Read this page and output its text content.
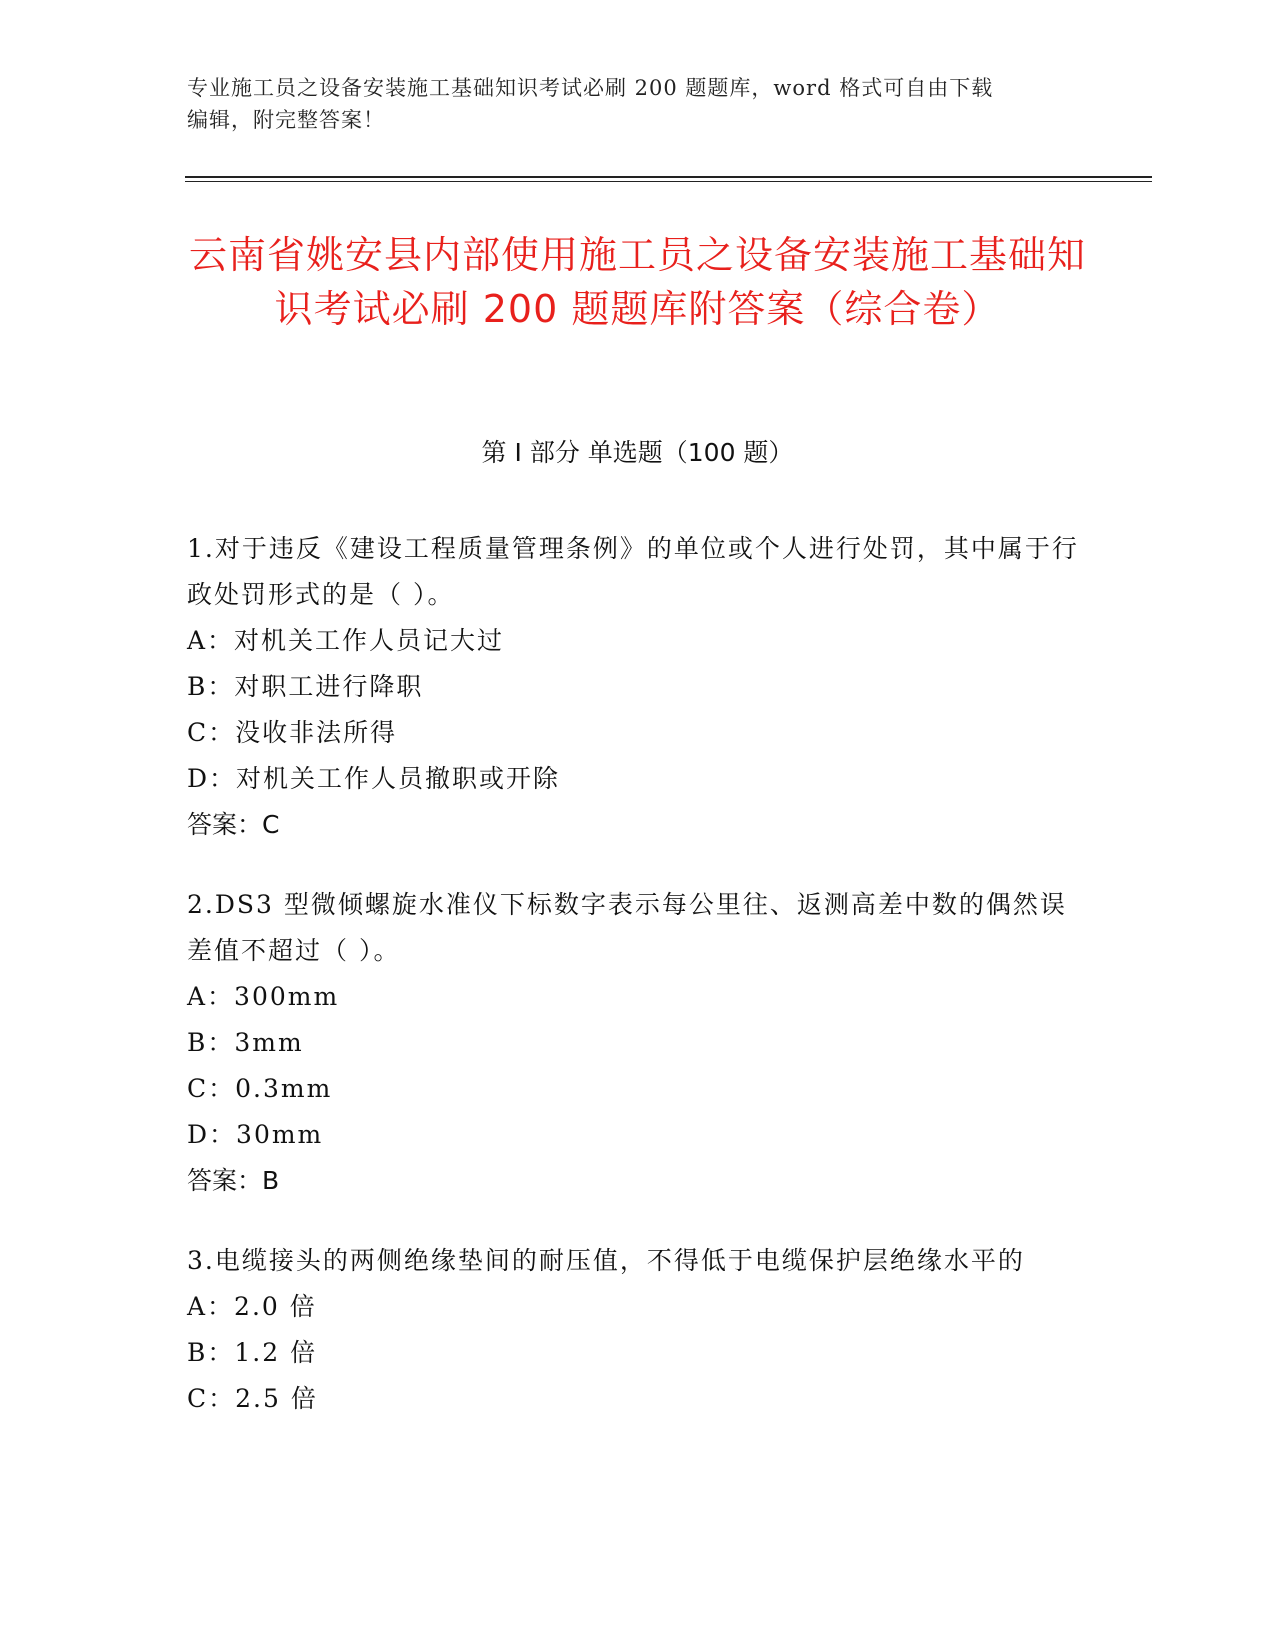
专业施工员之设备安装施工基础知识考试必刷 200 题题库，word 格式可自由下载
编辑，附完整答案！
云南省姚安县内部使用施工员之设备安装施工基础知识考试必刷 200 题题库附答案（综合卷）
第 I 部分 单选题（100 题）
1.对于违反《建设工程质量管理条例》的单位或个人进行处罚，其中属于行政处罚形式的是（ ）。
A：对机关工作人员记大过
B：对职工进行降职
C：没收非法所得
D：对机关工作人员撤职或开除
答案：C
2.DS3 型微倾螺旋水准仪下标数字表示每公里往、返测高差中数的偶然误差值不超过（ ）。
A：300mm
B：3mm
C：0.3mm
D：30mm
答案：B
3.电缆接头的两侧绝缘垫间的耐压值，不得低于电缆保护层绝缘水平的
A：2.0 倍
B：1.2 倍
C：2.5 倍
